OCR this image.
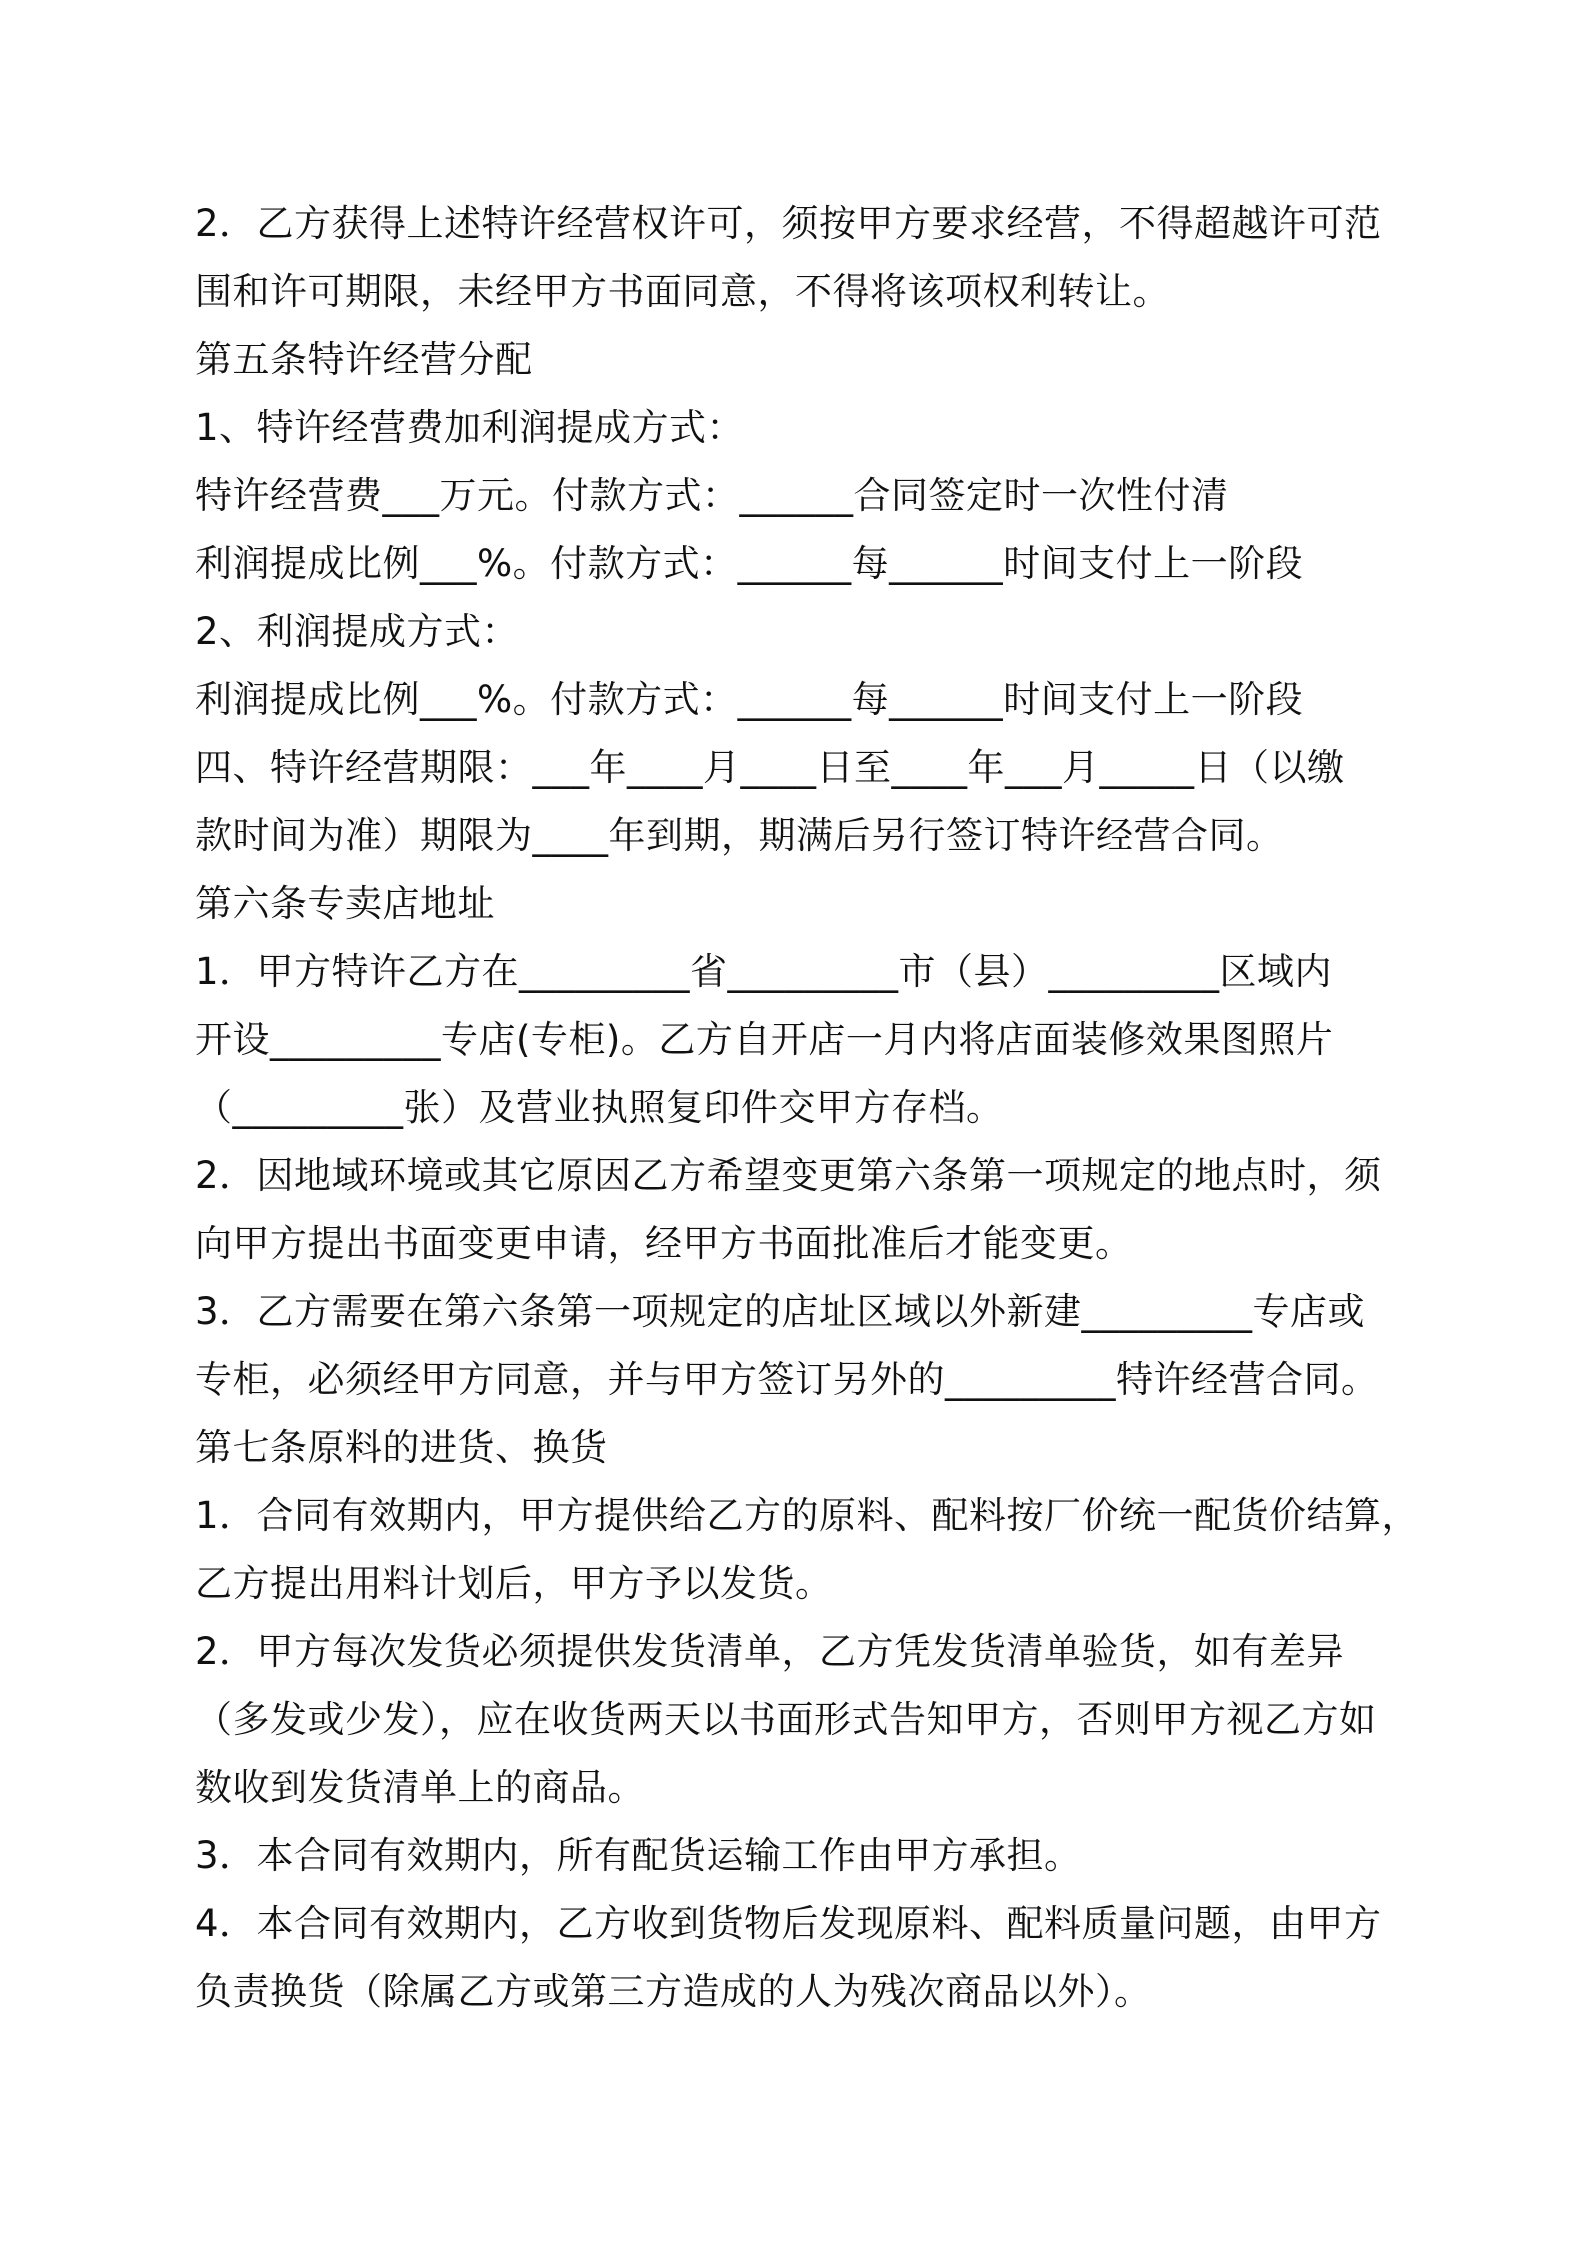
2．乙方获得上述特许经营权许可，须按甲方要求经营，不得超越许可范
围和许可期限，未经甲方书面同意，不得将该项权利转让。
第五条特许经营分配
1、特许经营费加利润提成方式：
特许经营费___万元。付款方式：______合同签定时一次性付清
利润提成比例___%。付款方式：______每______时间支付上一阶段
2、利润提成方式：
利润提成比例___%。付款方式：______每______时间支付上一阶段
四、特许经营期限：___年____月____日至____年___月_____日（以缴
款时间为准）期限为____年到期，期满后另行签订特许经营合同。
第六条专卖店地址
1．甲方特许乙方在_________省_________市（县）_________区域内
开设_________专店(专柜)。乙方自开店一月内将店面装修效果图照片
（_________张）及营业执照复印件交甲方存档。
2．因地域环境或其它原因乙方希望变更第六条第一项规定的地点时，须
向甲方提出书面变更申请，经甲方书面批准后才能变更。
3．乙方需要在第六条第一项规定的店址区域以外新建_________专店或
专柜，必须经甲方同意，并与甲方签订另外的_________特许经营合同。
第七条原料的进货、换货
1．合同有效期内，甲方提供给乙方的原料、配料按厂价统一配货价结算，
乙方提出用料计划后，甲方予以发货。
2．甲方每次发货必须提供发货清单，乙方凭发货清单验货，如有差异
（多发或少发），应在收货两天以书面形式告知甲方，否则甲方视乙方如
数收到发货清单上的商品。
3．本合同有效期内，所有配货运输工作由甲方承担。
4．本合同有效期内，乙方收到货物后发现原料、配料质量问题，由甲方
负责换货（除属乙方或第三方造成的人为残次商品以外）。
